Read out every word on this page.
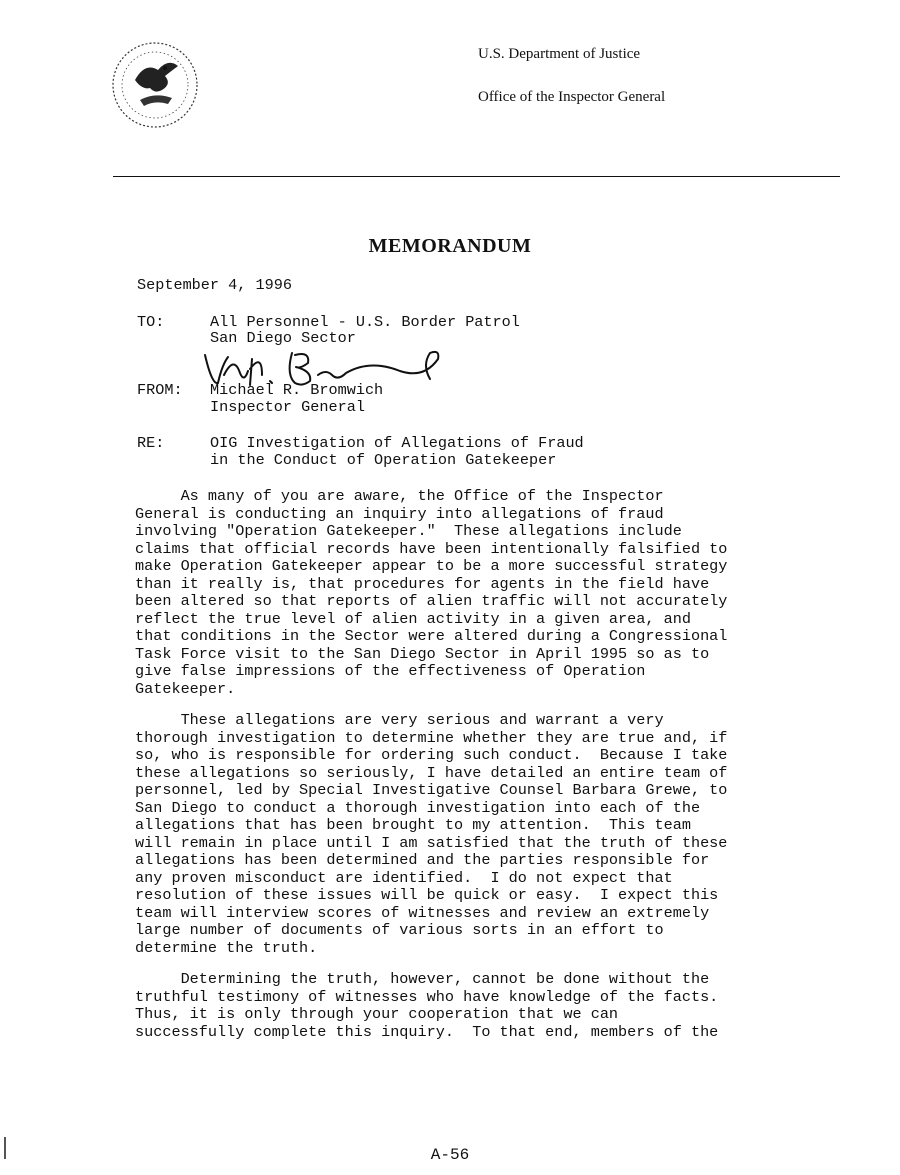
U.S. Department of Justice
Office of the Inspector General
MEMORANDUM
September 4, 1996
TO:	All Personnel - U.S. Border Patrol
San Diego Sector
FROM: Michael R. Bromwich
Inspector General
RE:	OIG Investigation of Allegations of Fraud
in the Conduct of Operation Gatekeeper
As many of you are aware, the Office of the Inspector
General is conducting an inquiry into allegations of fraud
involving "Operation Gatekeeper."  These allegations include
claims that official records have been intentionally falsified to
make Operation Gatekeeper appear to be a more successful strategy
than it really is, that procedures for agents in the field have
been altered so that reports of alien traffic will not accurately
reflect the true level of alien activity in a given area, and
that conditions in the Sector were altered during a Congressional
Task Force visit to the San Diego Sector in April 1995 so as to
give false impressions of the effectiveness of Operation
Gatekeeper.
These allegations are very serious and warrant a very
thorough investigation to determine whether they are true and, if
so, who is responsible for ordering such conduct.  Because I take
these allegations so seriously, I have detailed an entire team of
personnel, led by Special Investigative Counsel Barbara Grewe, to
San Diego to conduct a thorough investigation into each of the
allegations that has been brought to my attention.  This team
will remain in place until I am satisfied that the truth of these
allegations has been determined and the parties responsible for
any proven misconduct are identified.  I do not expect that
resolution of these issues will be quick or easy.  I expect this
team will interview scores of witnesses and review an extremely
large number of documents of various sorts in an effort to
determine the truth.
Determining the truth, however, cannot be done without the
truthful testimony of witnesses who have knowledge of the facts.
Thus, it is only through your cooperation that we can
successfully complete this inquiry.  To that end, members of the
A-56
